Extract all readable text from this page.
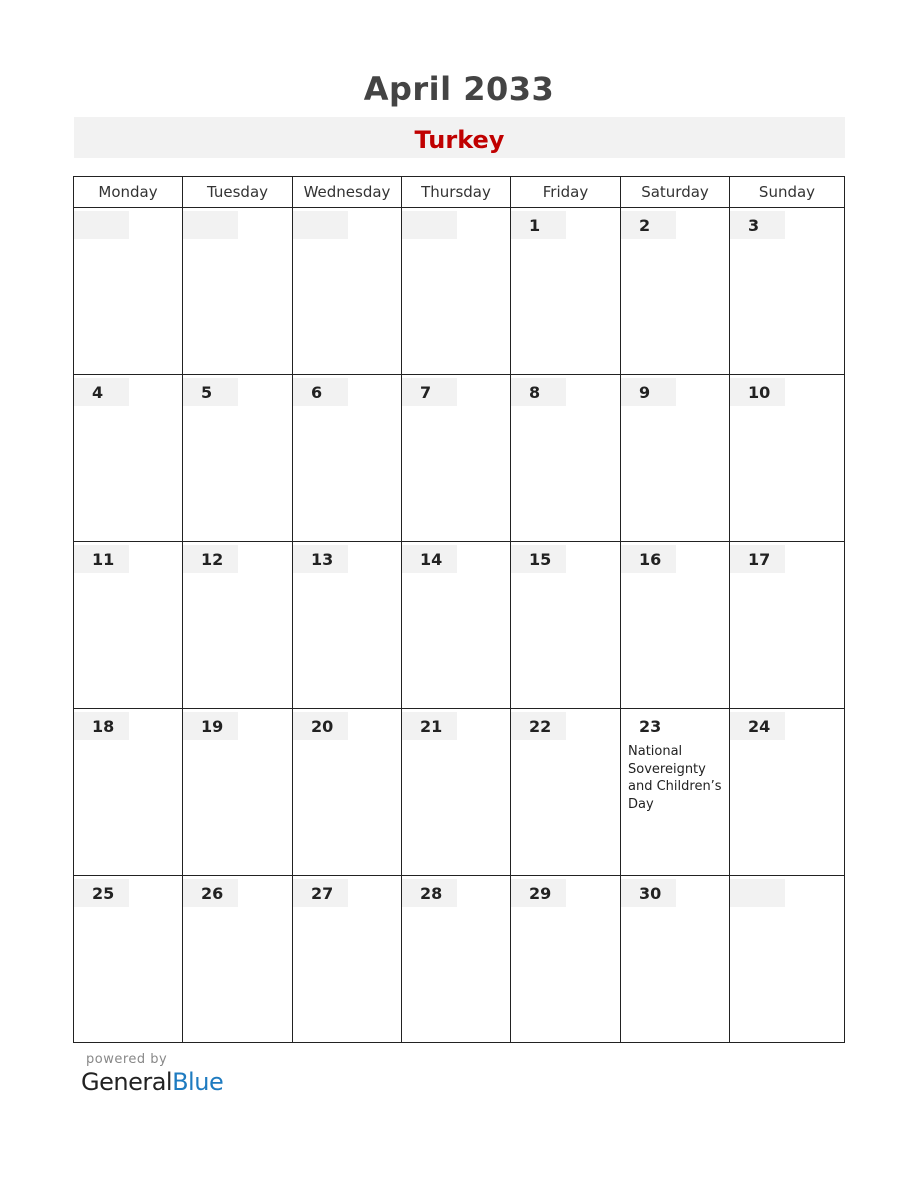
April 2033
Turkey
Monday	Tuesday	Wednesday	Thursday	Friday	Saturday	Sunday

				1	2	3

4	5	6	7	8	9	10

11	12	13	14	15	16	17

18	19	20	21	22	23
National Sovereignty and Children’s Day	24

25	26	27	28	29	30	

powered by
GeneralBlue
